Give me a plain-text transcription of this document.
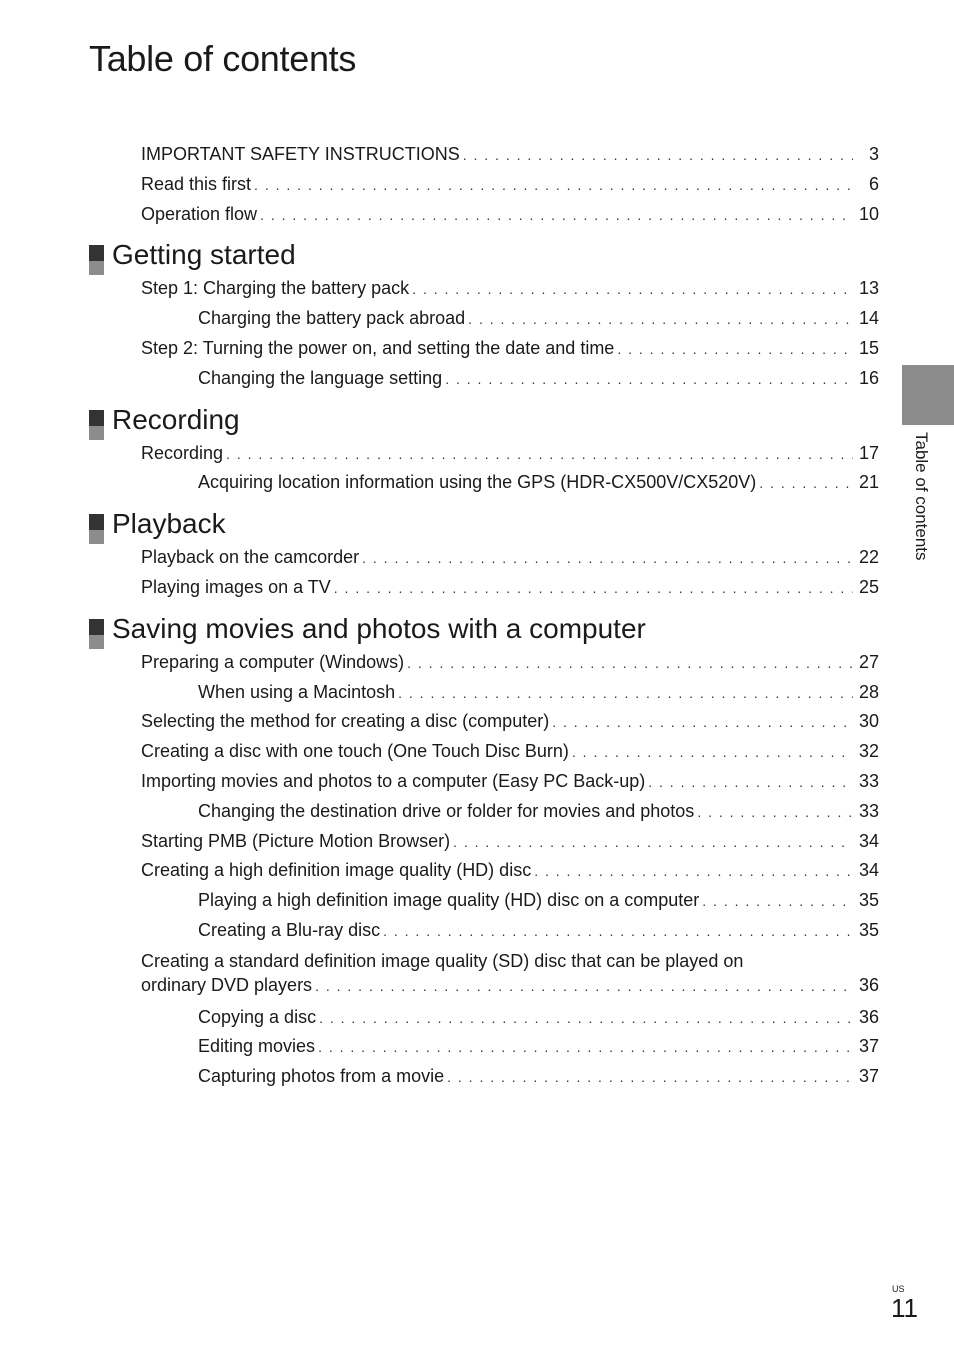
Table of contents
IMPORTANT SAFETY INSTRUCTIONS . . .	3
Read this first . . .	6
Operation flow . . .	10
Getting started
Step 1: Charging the battery pack . . .	13
Charging the battery pack abroad . . .	14
Step 2: Turning the power on, and setting the date and time . . .	15
Changing the language setting . . .	16
Recording
Recording . . .	17
Acquiring location information using the GPS (HDR-CX500V/CX520V) . . .	21
Playback
Playback on the camcorder . . .	22
Playing images on a TV . . .	25
Saving movies and photos with a computer
Preparing a computer (Windows) . . .	27
When using a Macintosh . . .	28
Selecting the method for creating a disc (computer) . . .	30
Creating a disc with one touch (One Touch Disc Burn) . . .	32
Importing movies and photos to a computer (Easy PC Back-up) . . .	33
Changing the destination drive or folder for movies and photos . . .	33
Starting PMB (Picture Motion Browser) . . .	34
Creating a high definition image quality (HD) disc . . .	34
Playing a high definition image quality (HD) disc on a computer . . .	35
Creating a Blu-ray disc . . .	35
Creating a standard definition image quality (SD) disc that can be played on
ordinary DVD players . . .	36
Copying a disc . . .	36
Editing movies . . .	37
Capturing photos from a movie . . .	37
Table of contents
US
11
